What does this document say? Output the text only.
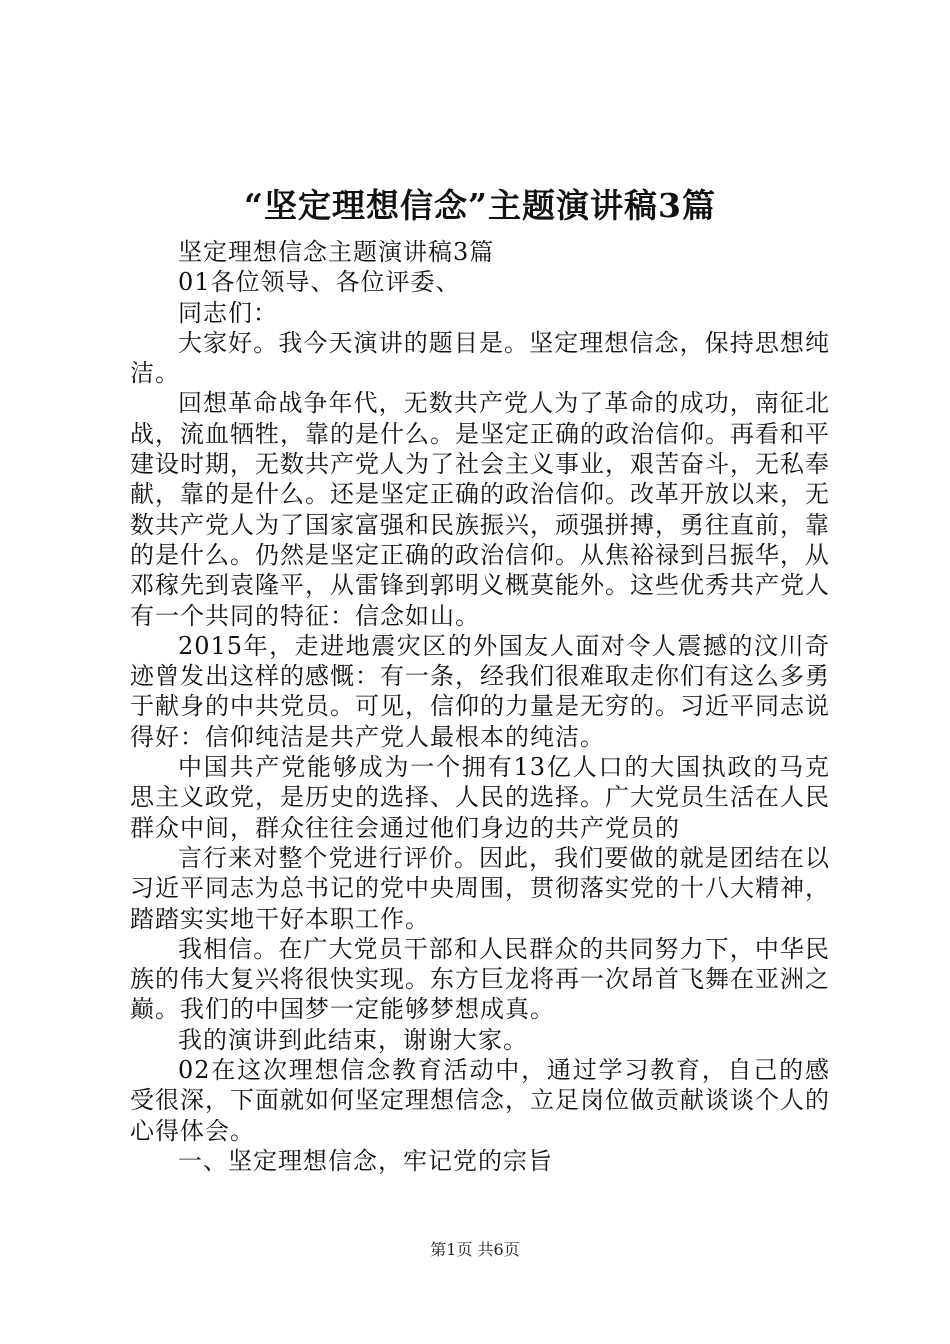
“坚定理想信念”主题演讲稿3篇

坚定理想信念主题演讲稿3篇

01各位领导、各位评委、

同志们：

大家好。我今天演讲的题目是。坚定理想信念，保持思想纯洁。

回想革命战争年代，无数共产党人为了革命的成功，南征北战，流血牺牲，靠的是什么。是坚定正确的政治信仰。再看和平建设时期，无数共产党人为了社会主义事业，艰苦奋斗，无私奉献，靠的是什么。还是坚定正确的政治信仰。改革开放以来，无数共产党人为了国家富强和民族振兴，顽强拼搏，勇往直前，靠的是什么。仍然是坚定正确的政治信仰。从焦裕禄到吕振华，从邓稼先到袁隆平，从雷锋到郭明义概莫能外。这些优秀共产党人有一个共同的特征：信念如山。

2015年，走进地震灾区的外国友人面对令人震撼的汶川奇迹曾发出这样的感慨：有一条，经我们很难取走你们有这么多勇于献身的中共党员。可见，信仰的力量是无穷的。习近平同志说得好：信仰纯洁是共产党人最根本的纯洁。

中国共产党能够成为一个拥有13亿人口的大国执政的马克思主义政党，是历史的选择、人民的选择。广大党员生活在人民群众中间，群众往往会通过他们身边的共产党员的

言行来对整个党进行评价。因此，我们要做的就是团结在以习近平同志为总书记的党中央周围，贯彻落实党的十八大精神，踏踏实实地干好本职工作。

我相信。在广大党员干部和人民群众的共同努力下，中华民族的伟大复兴将很快实现。东方巨龙将再一次昂首飞舞在亚洲之巅。我们的中国梦一定能够梦想成真。

我的演讲到此结束，谢谢大家。

02在这次理想信念教育活动中，通过学习教育，自己的感受很深，下面就如何坚定理想信念，立足岗位做贡献谈谈个人的心得体会。

一、坚定理想信念，牢记党的宗旨

第1页 共6页
